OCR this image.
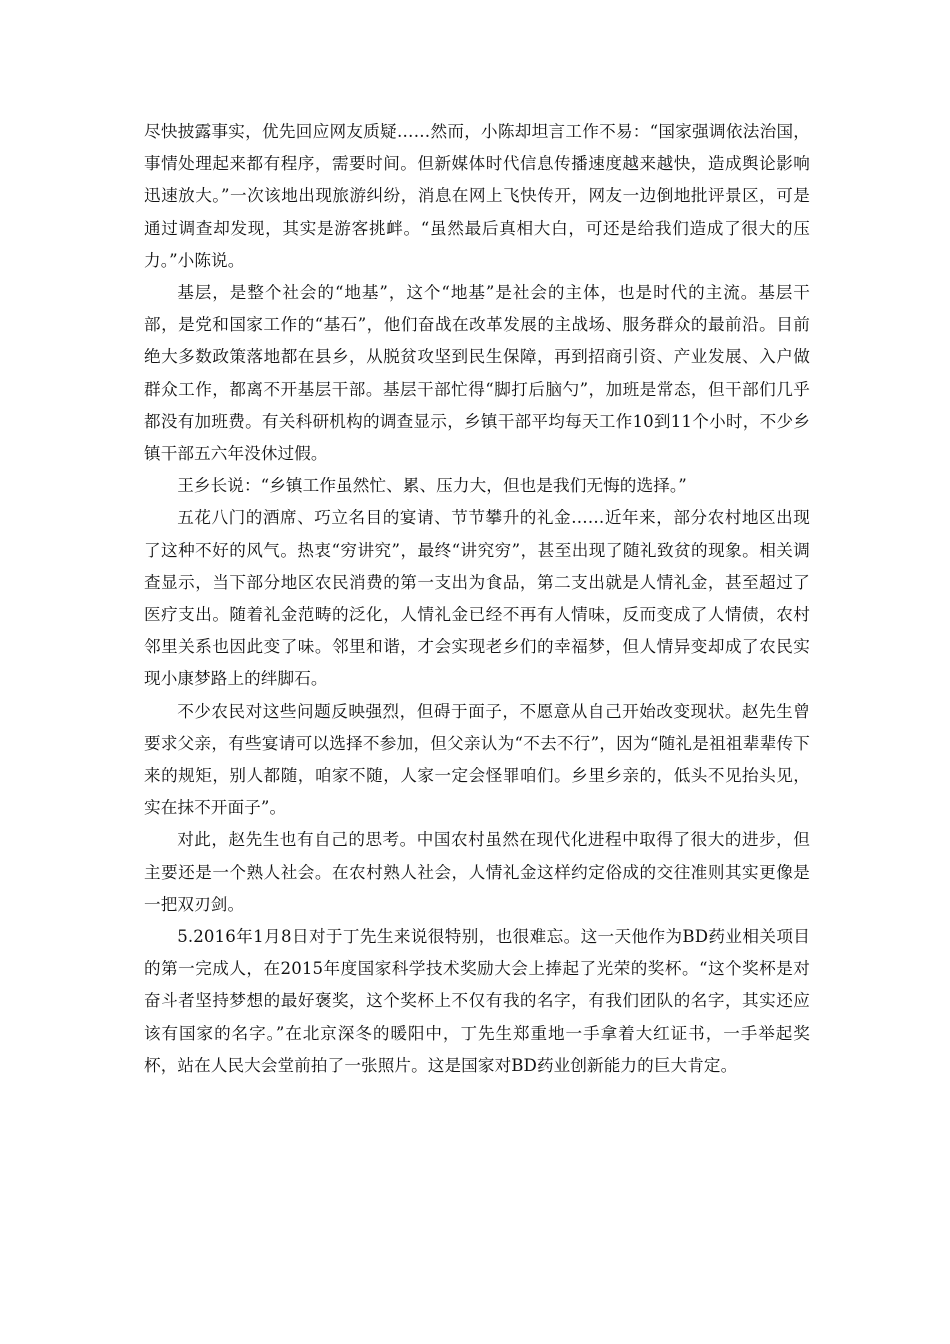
尽快披露事实，优先回应网友质疑……然而，小陈却坦言工作不易：“国家强调依法治国，事情处理起来都有程序，需要时间。但新媒体时代信息传播速度越来越快，造成舆论影响迅速放大。”一次该地出现旅游纠纷，消息在网上飞快传开，网友一边倒地批评景区，可是通过调查却发现，其实是游客挑衅。“虽然最后真相大白，可还是给我们造成了很大的压力。”小陈说。

基层，是整个社会的“地基”，这个“地基”是社会的主体，也是时代的主流。基层干部，是党和国家工作的“基石”，他们奋战在改革发展的主战场、服务群众的最前沿。目前绝大多数政策落地都在县乡，从脱贫攻坚到民生保障，再到招商引资、产业发展、入户做群众工作，都离不开基层干部。基层干部忙得“脚打后脑勺”，加班是常态，但干部们几乎都没有加班费。有关科研机构的调查显示，乡镇干部平均每天工作10到11个小时，不少乡镇干部五六年没休过假。

王乡长说：“乡镇工作虽然忙、累、压力大，但也是我们无悔的选择。”

五花八门的酒席、巧立名目的宴请、节节攀升的礼金……近年来，部分农村地区出现了这种不好的风气。热衷“穷讲究”，最终“讲究穷”，甚至出现了随礼致贫的现象。相关调查显示，当下部分地区农民消费的第一支出为食品，第二支出就是人情礼金，甚至超过了医疗支出。随着礼金范畴的泛化，人情礼金已经不再有人情味，反而变成了人情债，农村邻里关系也因此变了味。邻里和谐，才会实现老乡们的幸福梦，但人情异变却成了农民实现小康梦路上的绊脚石。

不少农民对这些问题反映强烈，但碍于面子，不愿意从自己开始改变现状。赵先生曾要求父亲，有些宴请可以选择不参加，但父亲认为“不去不行”，因为“随礼是祖祖辈辈传下来的规矩，别人都随，咱家不随，人家一定会怪罪咱们。乡里乡亲的，低头不见抬头见，实在抹不开面子”。

对此，赵先生也有自己的思考。中国农村虽然在现代化进程中取得了很大的进步，但主要还是一个熟人社会。在农村熟人社会，人情礼金这样约定俗成的交往准则其实更像是一把双刃剑。

5.2016年1月8日对于丁先生来说很特别，也很难忘。这一天他作为BD药业相关项目的第一完成人，在2015年度国家科学技术奖励大会上捧起了光荣的奖杯。“这个奖杯是对奋斗者坚持梦想的最好褒奖，这个奖杯上不仅有我的名字，有我们团队的名字，其实还应该有国家的名字。”在北京深冬的暖阳中，丁先生郑重地一手拿着大红证书，一手举起奖杯，站在人民大会堂前拍了一张照片。这是国家对BD药业创新能力的巨大肯定。
